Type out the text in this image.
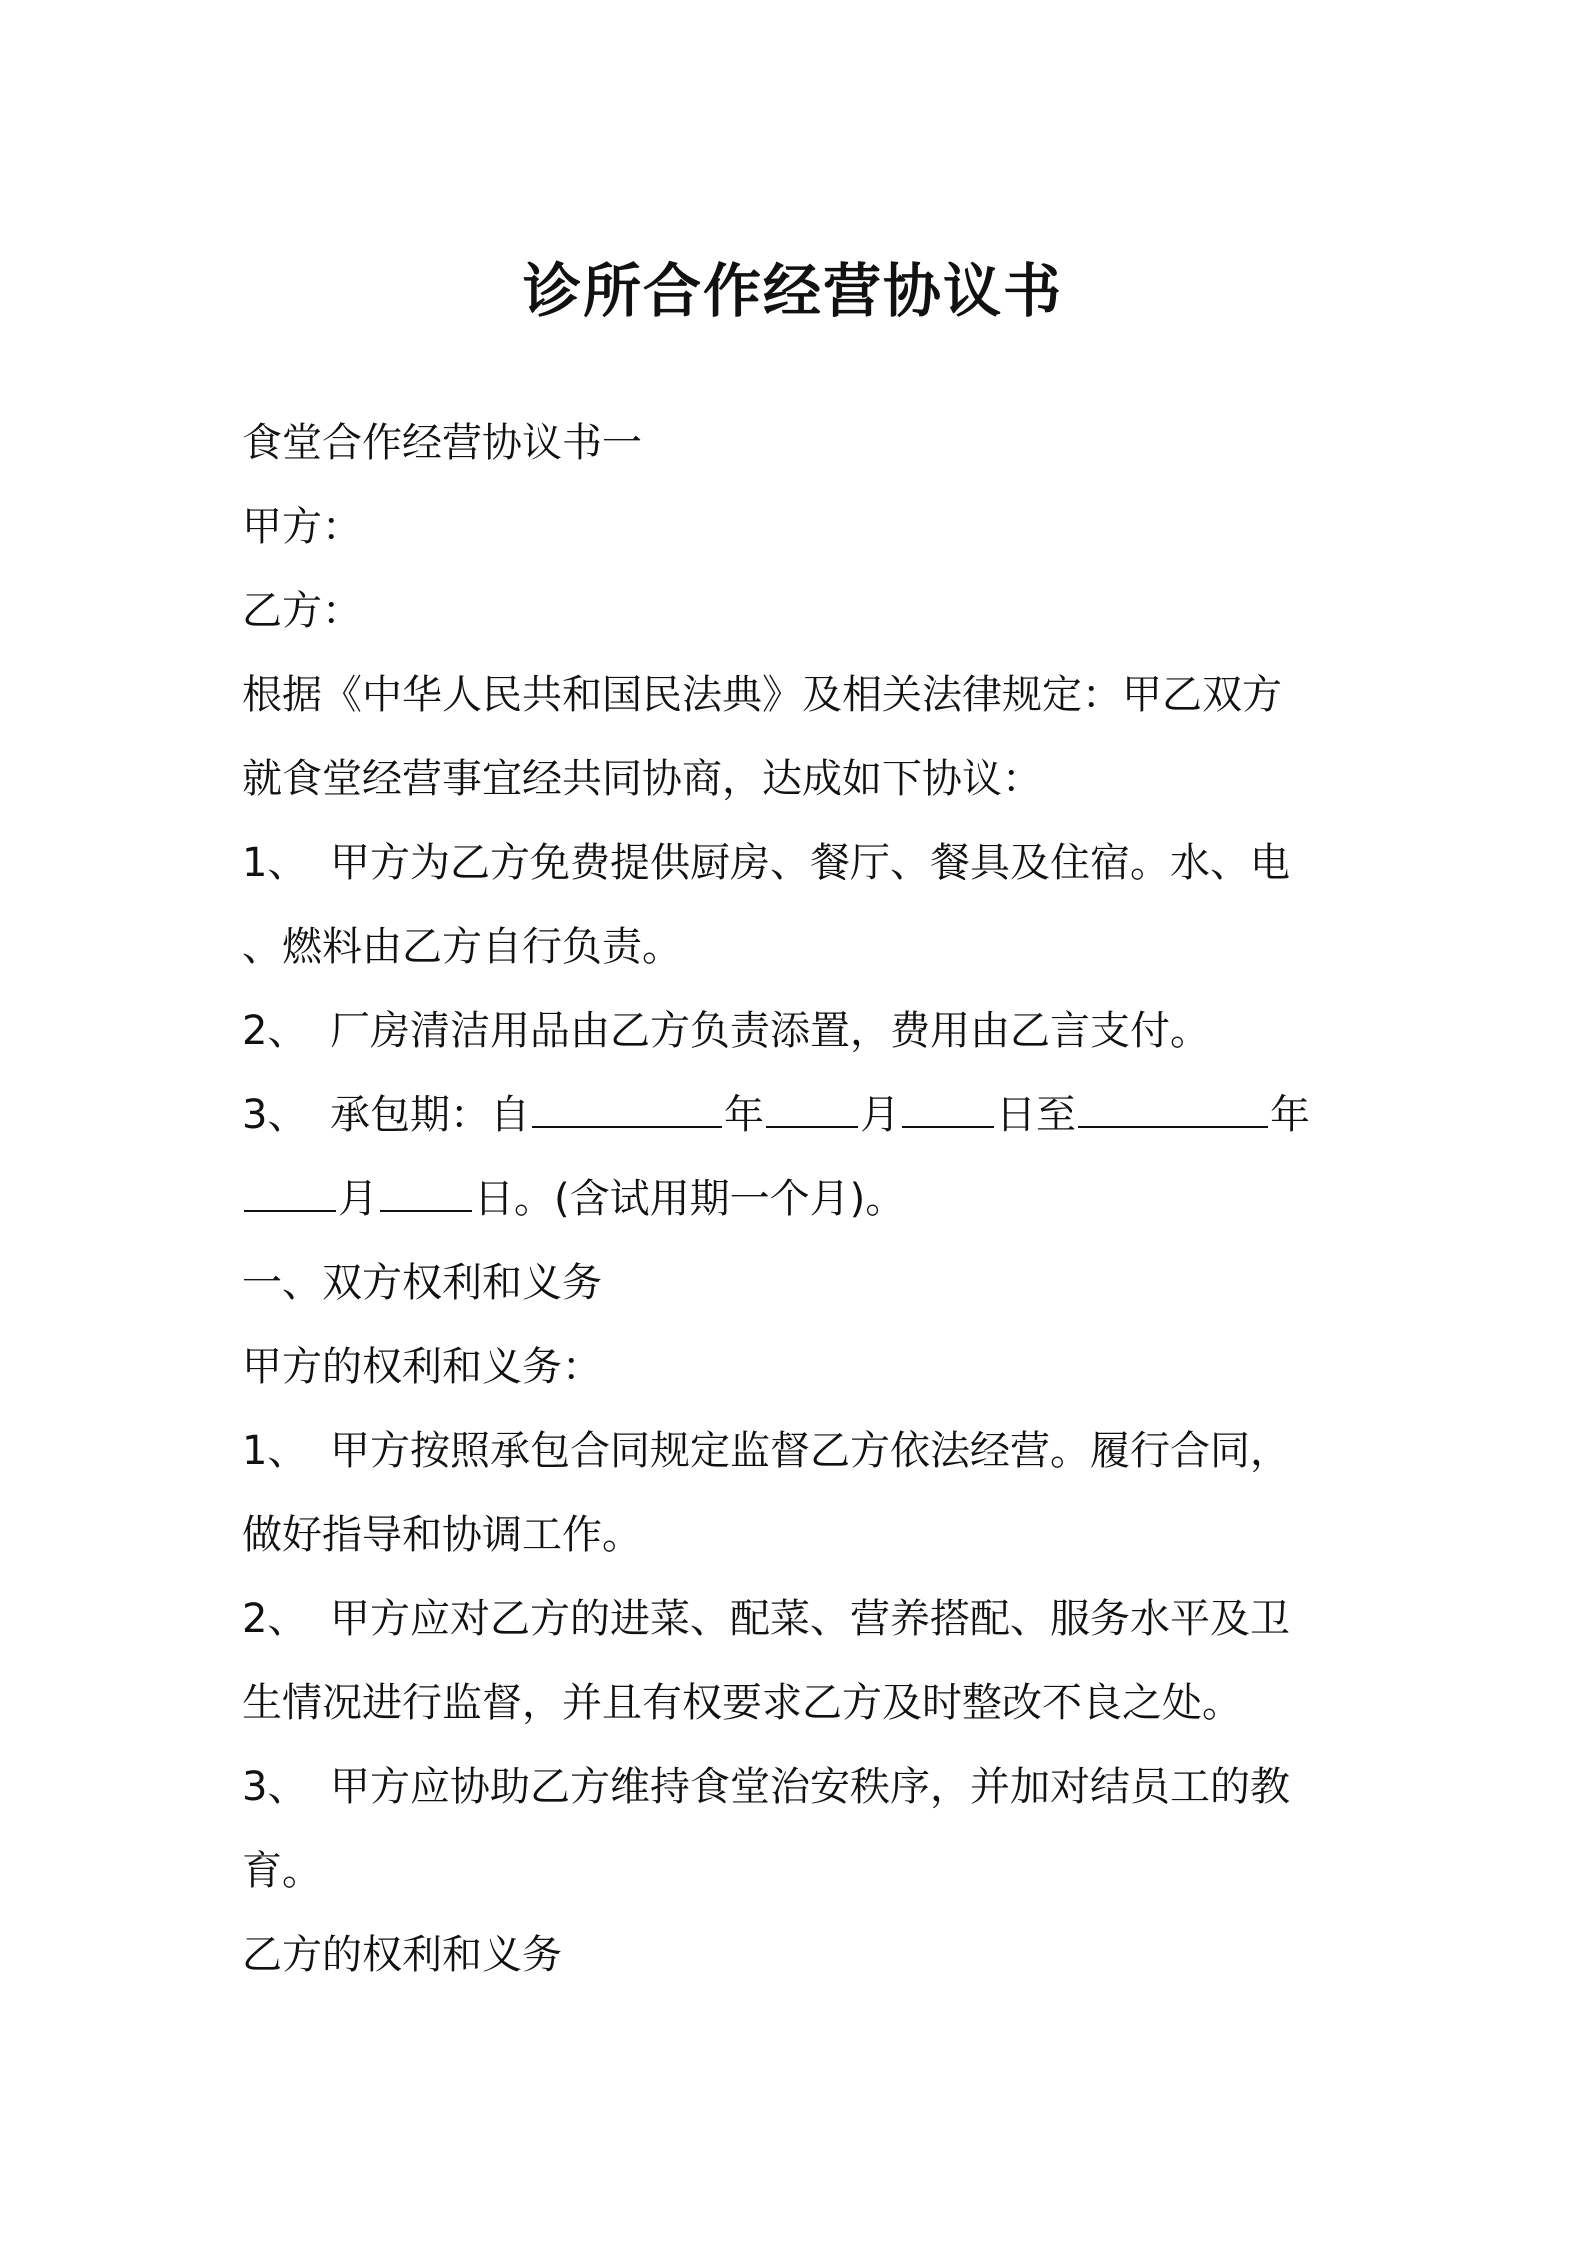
诊所合作经营协议书

食堂合作经营协议书一

甲方：

乙方：

根据《中华人民共和国民法典》及相关法律规定：甲乙双方

就食堂经营事宜经共同协商，达成如下协议：

1、 甲方为乙方免费提供厨房、餐厅、餐具及住宿。水、电

、燃料由乙方自行负责。

2、 厂房清洁用品由乙方负责添置，费用由乙言支付。

3、 承包期：自	年 月 日至	年

月 日。(含试用期一个月)。

一、双方权利和义务

甲方的权利和义务：

1、 甲方按照承包合同规定监督乙方依法经营。履行合同，

做好指导和协调工作。

2、 甲方应对乙方的进菜、配菜、营养搭配、服务水平及卫

生情况进行监督，并且有权要求乙方及时整改不良之处。

3、 甲方应协助乙方维持食堂治安秩序，并加对结员工的教

育。

乙方的权利和义务
